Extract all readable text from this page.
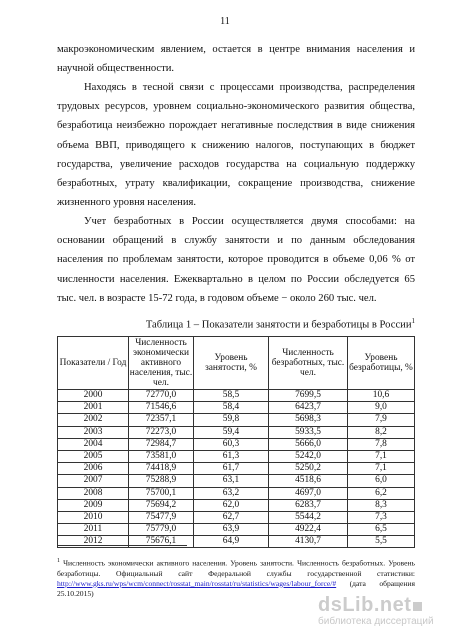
11

макроэкономическим явлением, остается в центре внимания населения и научной общественности.

Находясь в тесной связи с процессами производства, распределения трудовых ресурсов, уровнем социально-экономического развития общества, безработица неизбежно порождает негативные последствия в виде снижения объема ВВП, приводящего к снижению налогов, поступающих в бюджет государства, увеличение расходов государства на социальную поддержку безработных, утрату квалификации, сокращение производства, снижение жизненного уровня населения.

Учет безработных в России осуществляется двумя способами: на основании обращений в службу занятости и по данным обследования населения по проблемам занятости, которое проводится в объеме 0,06 % от численности населения. Ежеквартально в целом по России обследуется 65 тыс. чел. в возрасте 15-72 года, в годовом объеме − около 260 тыс. чел.

Таблица 1 – Показатели занятости и безработицы в России$^1$
Показатели / Год	Численность экономически активного населения, тыс. чел.	Уровень занятости, %	Численность безработных, тыс. чел.	Уровень безработицы, %
2000	72770,0	58,5	7699,5	10,6
2001	71546,6	58,4	6423,7	9,0
2002	72357,1	59,8	5698,3	7,9
2003	72273,0	59,4	5933,5	8,2
2004	72984,7	60,3	5666,0	7,8
2005	73581,0	61,3	5242,0	7,1
2006	74418,9	61,7	5250,2	7,1
2007	75288,9	63,1	4518,6	6,0
2008	75700,1	63,2	4697,0	6,2
2009	75694,2	62,0	6283,7	8,3
2010	75477,9	62,7	5544,2	7,3
2011	75779,0	63,9	4922,4	6,5
2012	75676,1	64,9	4130,7	5,5
$^1$ Численность экономически активного населения. Уровень занятости. Численность безработных. Уровень безработицы. Официальный сайт Федеральной службы государственной статистики: http://www.gks.ru/wps/wcm/connect/rosstat_main/rosstat/ru/statistics/wages/labour_force/# (дата обращения 25.10.2015)
dsLib.net
библиотека диссертаций
